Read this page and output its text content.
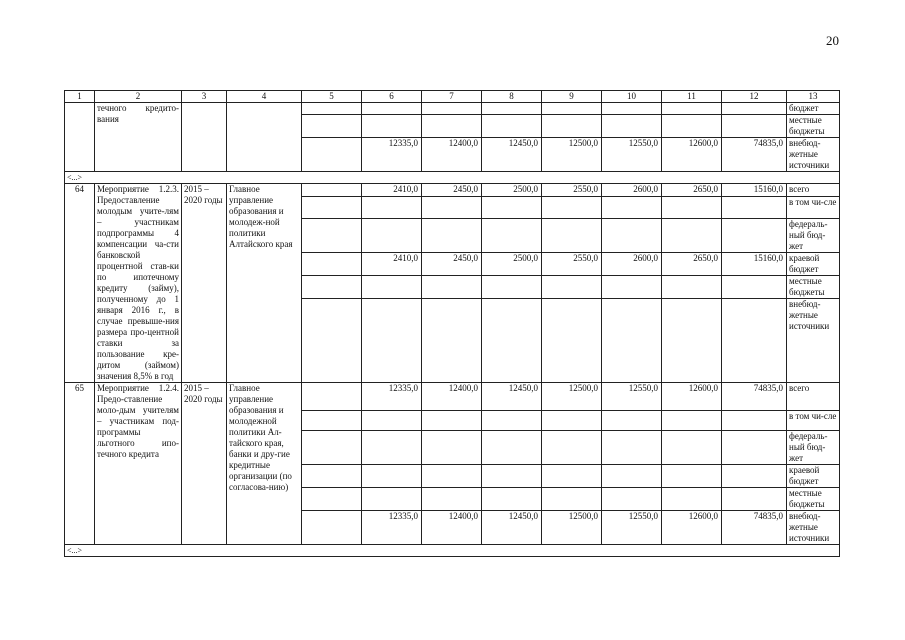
20
1	2	3	4	5	6	7	8	9	10	11	12	13
	течного кредито-вания											бюджет
												местные бюджеты
					12335,0	12400,0	12450,0	12500,0	12550,0	12600,0	74835,0	внебюд-жетные источники
<...>												
64	Мероприятие 1.2.3. Предоставление молодым учите-лям – участникам подпрограммы 4 компенсации ча-сти банковской процентной став-ки по ипотечному кредиту (займу), полученному до 1 января 2016 г., в случае превыше-ния размера про-центной ставки за пользование кре-дитом (займом) значения 8,5% в год	2015 – 2020 годы	Главное управление образования и молодеж-ной политики Алтайского края		2410,0	2450,0	2500,0	2550,0	2600,0	2650,0	15160,0	всего
												в том чи-сле
												федераль-ный бюд-жет
					2410,0	2450,0	2500,0	2550,0	2600,0	2650,0	15160,0	краевой бюджет
												местные бюджеты
												внебюд-жетные источники
65	Мероприятие 1.2.4. Предо-ставление моло-дым учителям – участникам под-программы льготного ипо-течного кредита	2015 – 2020 годы	Главное управление образования и молодежной политики Ал-тайского края, банки и дру-гие кредитные организации (по согласова-нию)		12335,0	12400,0	12450,0	12500,0	12550,0	12600,0	74835,0	всего
												в том чи-сле
												федераль-ный бюд-жет
												краевой бюджет
												местные бюджеты
					12335,0	12400,0	12450,0	12500,0	12550,0	12600,0	74835,0	внебюд-жетные источники
<...>												
